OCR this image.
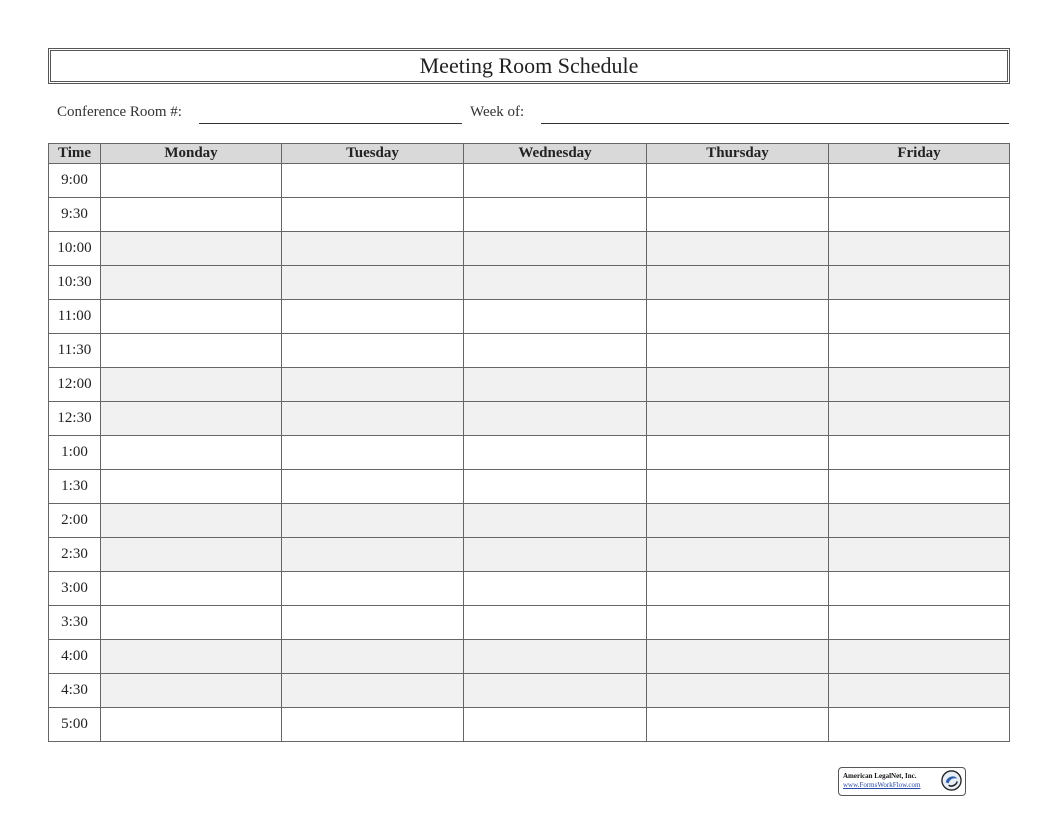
Meeting Room Schedule
Conference Room #:	Week of:
Time	Monday	Tuesday	Wednesday	Thursday	Friday
9:00					
9:30					
10:00					
10:30					
11:00					
11:30					
12:00					
12:30					
1:00					
1:30					
2:00					
2:30					
3:00					
3:30					
4:00					
4:30					
5:00					
American LegalNet, Inc.
www.FormsWorkFlow.com
